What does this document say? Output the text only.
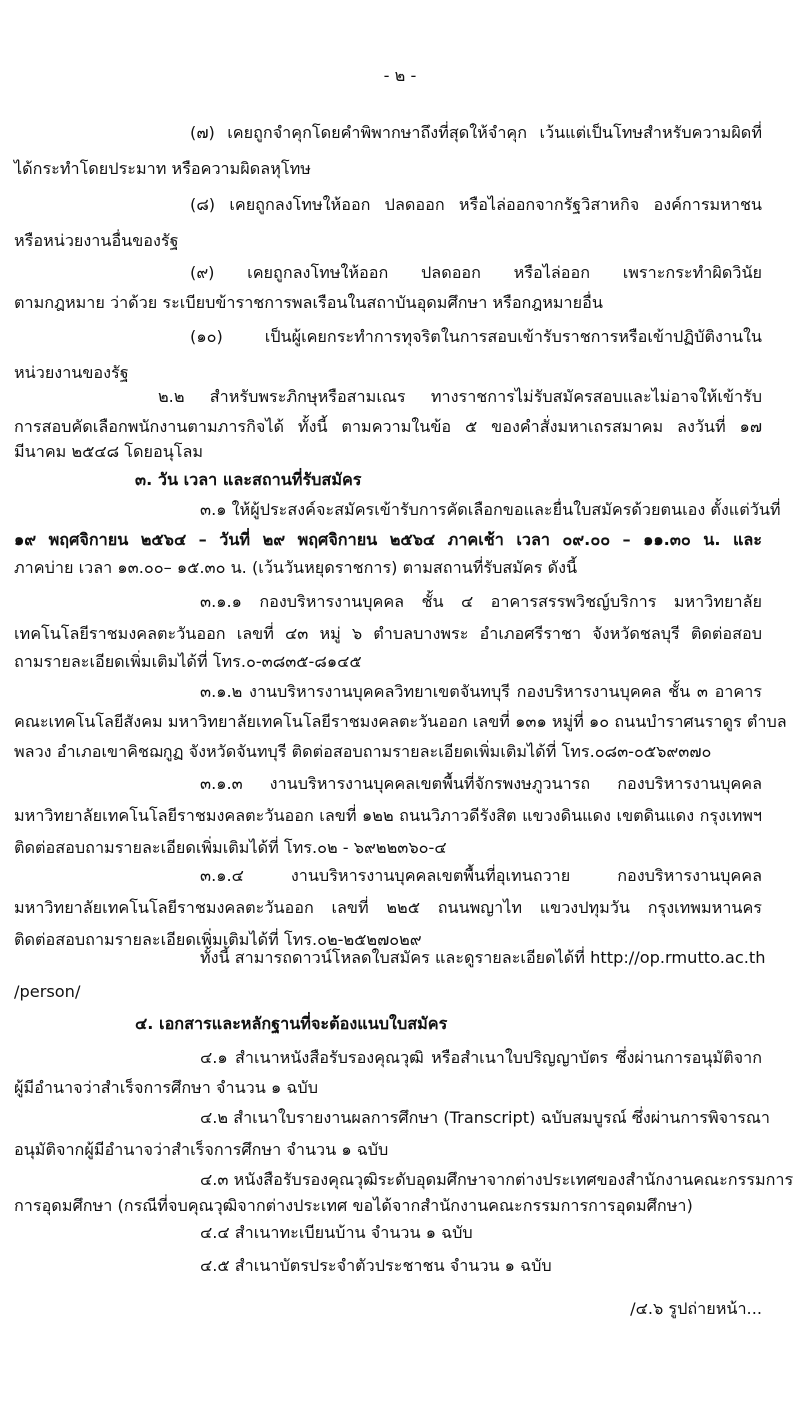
- ๒ -
(๗) เคยถูกจำคุกโดยคำพิพากษาถึงที่สุดให้จำคุก เว้นแต่เป็นโทษสำหรับความผิดที่
ได้กระทำโดยประมาท หรือความผิดลหุโทษ
(๘) เคยถูกลงโทษให้ออก ปลดออก หรือไล่ออกจากรัฐวิสาหกิจ องค์การมหาชน
หรือหน่วยงานอื่นของรัฐ
(๙) เคยถูกลงโทษให้ออก ปลดออก หรือไล่ออก เพราะกระทำผิดวินัย
ตามกฎหมาย ว่าด้วย ระเบียบข้าราชการพลเรือนในสถาบันอุดมศึกษา หรือกฎหมายอื่น
(๑๐) เป็นผู้เคยกระทำการทุจริตในการสอบเข้ารับราชการหรือเข้าปฏิบัติงานใน
หน่วยงานของรัฐ
๒.๒ สำหรับพระภิกษุหรือสามเณร ทางราชการไม่รับสมัครสอบและไม่อาจให้เข้ารับ
การสอบคัดเลือกพนักงานตามภารกิจได้ ทั้งนี้ ตามความในข้อ ๕ ของคำสั่งมหาเถรสมาคม ลงวันที่ ๑๗
มีนาคม ๒๕๔๘ โดยอนุโลม
๓. วัน เวลา และสถานที่รับสมัคร
๓.๑ ให้ผู้ประสงค์จะสมัครเข้ารับการคัดเลือกขอและยื่นใบสมัครด้วยตนเอง ตั้งแต่วันที่
๑๙ พฤศจิกายน ๒๕๖๔ – วันที่ ๒๙ พฤศจิกายน ๒๕๖๔ ภาคเช้า เวลา ๐๙.๐๐ – ๑๑.๓๐ น. และ
ภาคบ่าย เวลา ๑๓.๐๐– ๑๕.๓๐ น. (เว้นวันหยุดราชการ) ตามสถานที่รับสมัคร ดังนี้
๓.๑.๑ กองบริหารงานบุคคล ชั้น ๔ อาคารสรรพวิชญ์บริการ มหาวิทยาลัย
เทคโนโลยีราชมงคลตะวันออก เลขที่ ๔๓ หมู่ ๖ ตำบลบางพระ อำเภอศรีราชา จังหวัดชลบุรี ติดต่อสอบ
ถามรายละเอียดเพิ่มเติมได้ที่ โทร.๐-๓๘๓๕-๘๑๔๕
๓.๑.๒ งานบริหารงานบุคคลวิทยาเขตจันทบุรี กองบริหารงานบุคคล ชั้น ๓ อาคาร
คณะเทคโนโลยีสังคม มหาวิทยาลัยเทคโนโลยีราชมงคลตะวันออก เลขที่ ๑๓๑ หมู่ที่ ๑๐ ถนนบำราศนราดูร ตำบล
พลวง อำเภอเขาคิชฌกูฏ จังหวัดจันทบุรี ติดต่อสอบถามรายละเอียดเพิ่มเติมได้ที่ โทร.๐๘๓-๐๕๖๙๓๗๐
๓.๑.๓ งานบริหารงานบุคคลเขตพื้นที่จักรพงษภูวนารถ กองบริหารงานบุคคล
มหาวิทยาลัยเทคโนโลยีราชมงคลตะวันออก เลขที่ ๑๒๒ ถนนวิภาวดีรังสิต แขวงดินแดง เขตดินแดง กรุงเทพฯ
ติดต่อสอบถามรายละเอียดเพิ่มเติมได้ที่ โทร.๐๒ - ๖๙๒๒๓๖๐-๔
๓.๑.๔ งานบริหารงานบุคคลเขตพื้นที่อุเทนถวาย กองบริหารงานบุคคล
มหาวิทยาลัยเทคโนโลยีราชมงคลตะวันออก เลขที่ ๒๒๕ ถนนพญาไท แขวงปทุมวัน กรุงเทพมหานคร
ติดต่อสอบถามรายละเอียดเพิ่มเติมได้ที่ โทร.๐๒-๒๕๒๗๐๒๙
ทั้งนี้ สามารถดาวน์โหลดใบสมัคร และดูรายละเอียดได้ที่ http://op.rmutto.ac.th
/person/
๔. เอกสารและหลักฐานที่จะต้องแนบใบสมัคร
๔.๑ สำเนาหนังสือรับรองคุณวุฒิ หรือสำเนาใบปริญญาบัตร ซึ่งผ่านการอนุมัติจาก
ผู้มีอำนาจว่าสำเร็จการศึกษา จำนวน ๑ ฉบับ
๔.๒ สำเนาใบรายงานผลการศึกษา (Transcript) ฉบับสมบูรณ์ ซึ่งผ่านการพิจารณา
อนุมัติจากผู้มีอำนาจว่าสำเร็จการศึกษา จำนวน ๑ ฉบับ
๔.๓ หนังสือรับรองคุณวุฒิระดับอุดมศึกษาจากต่างประเทศของสำนักงานคณะกรรมการ
การอุดมศึกษา (กรณีที่จบคุณวุฒิจากต่างประเทศ ขอได้จากสำนักงานคณะกรรมการการอุดมศึกษา)
๔.๔ สำเนาทะเบียนบ้าน จำนวน ๑ ฉบับ
๔.๕ สำเนาบัตรประจำตัวประชาชน จำนวน ๑ ฉบับ
/๔.๖ รูปถ่ายหน้า...
